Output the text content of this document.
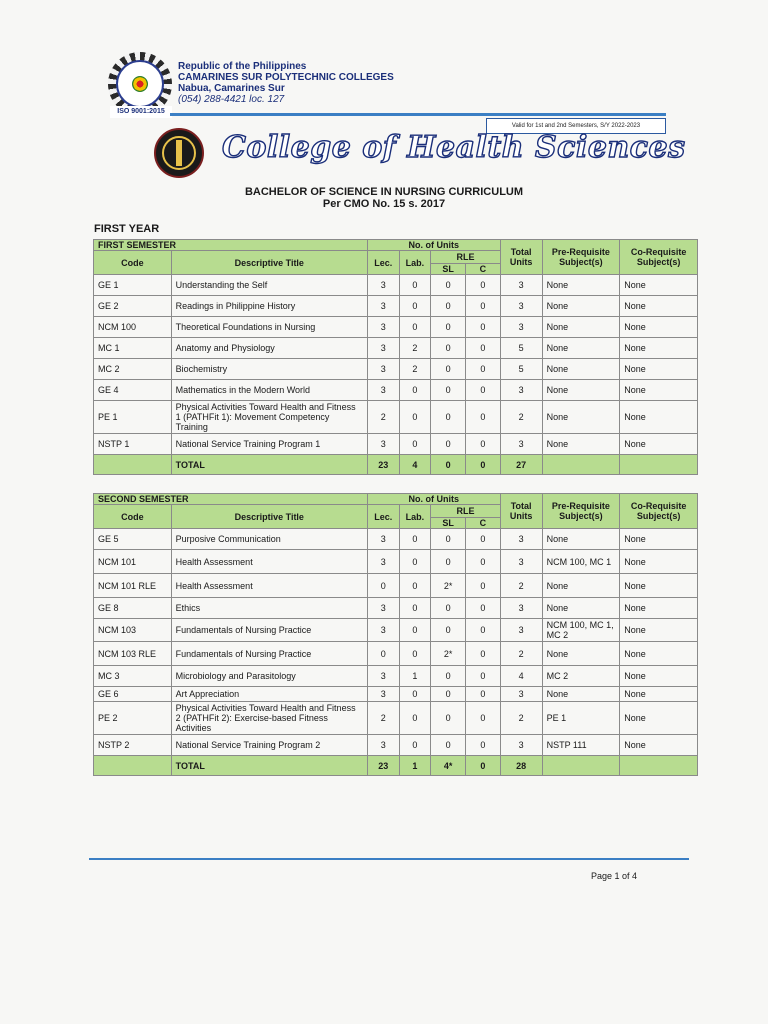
ISO 9001:2015
Republic of the Philippines
CAMARINES SUR POLYTECHNIC COLLEGES
Nabua, Camarines Sur
(054) 288-4421 loc. 127
Valid for 1st and 2nd Semesters, S/Y 2022-2023
College of Health Sciences
BACHELOR OF SCIENCE IN NURSING CURRICULUM
Per CMO No. 15 s. 2017
FIRST YEAR
FIRST SEMESTER		No. of Units				Total Units	Pre-Requisite Subject(s)	Co-Requisite Subject(s)
Code	Descriptive Title	Lec.	Lab.	RLE				
				SL	C			
GE 1	Understanding the Self	3	0	0	0	3	None	None
GE 2	Readings in Philippine History	3	0	0	0	3	None	None
NCM 100	Theoretical Foundations in Nursing	3	0	0	0	3	None	None
MC 1	Anatomy and Physiology	3	2	0	0	5	None	None
MC 2	Biochemistry	3	2	0	0	5	None	None
GE 4	Mathematics in the Modern World	3	0	0	0	3	None	None
PE 1	Physical Activities Toward Health and Fitness 1 (PATHFit 1): Movement Competency Training	2	0	0	0	2	None	None
NSTP 1	National Service Training Program 1	3	0	0	0	3	None	None
	TOTAL	23	4	0	0	27		
SECOND SEMESTER		No. of Units				Total Units	Pre-Requisite Subject(s)	Co-Requisite Subject(s)
Code	Descriptive Title	Lec.	Lab.	RLE				
				SL	C			
GE 5	Purposive Communication	3	0	0	0	3	None	None
NCM 101	Health Assessment	3	0	0	0	3	NCM 100, MC 1	None
NCM 101 RLE	Health Assessment	0	0	2*	0	2	None	None
GE 8	Ethics	3	0	0	0	3	None	None
NCM 103	Fundamentals of Nursing Practice	3	0	0	0	3	NCM 100, MC 1, MC 2	None
NCM 103 RLE	Fundamentals of Nursing Practice	0	0	2*	0	2	None	None
MC 3	Microbiology and Parasitology	3	1	0	0	4	MC 2	None
GE 6	Art Appreciation	3	0	0	0	3	None	None
PE 2	Physical Activities Toward Health and Fitness 2 (PATHFit 2): Exercise-based Fitness Activities	2	0	0	0	2	PE 1	None
NSTP 2	National Service Training Program 2	3	0	0	0	3	NSTP 111	None
	TOTAL	23	1	4*	0	28		
Page 1 of 4
